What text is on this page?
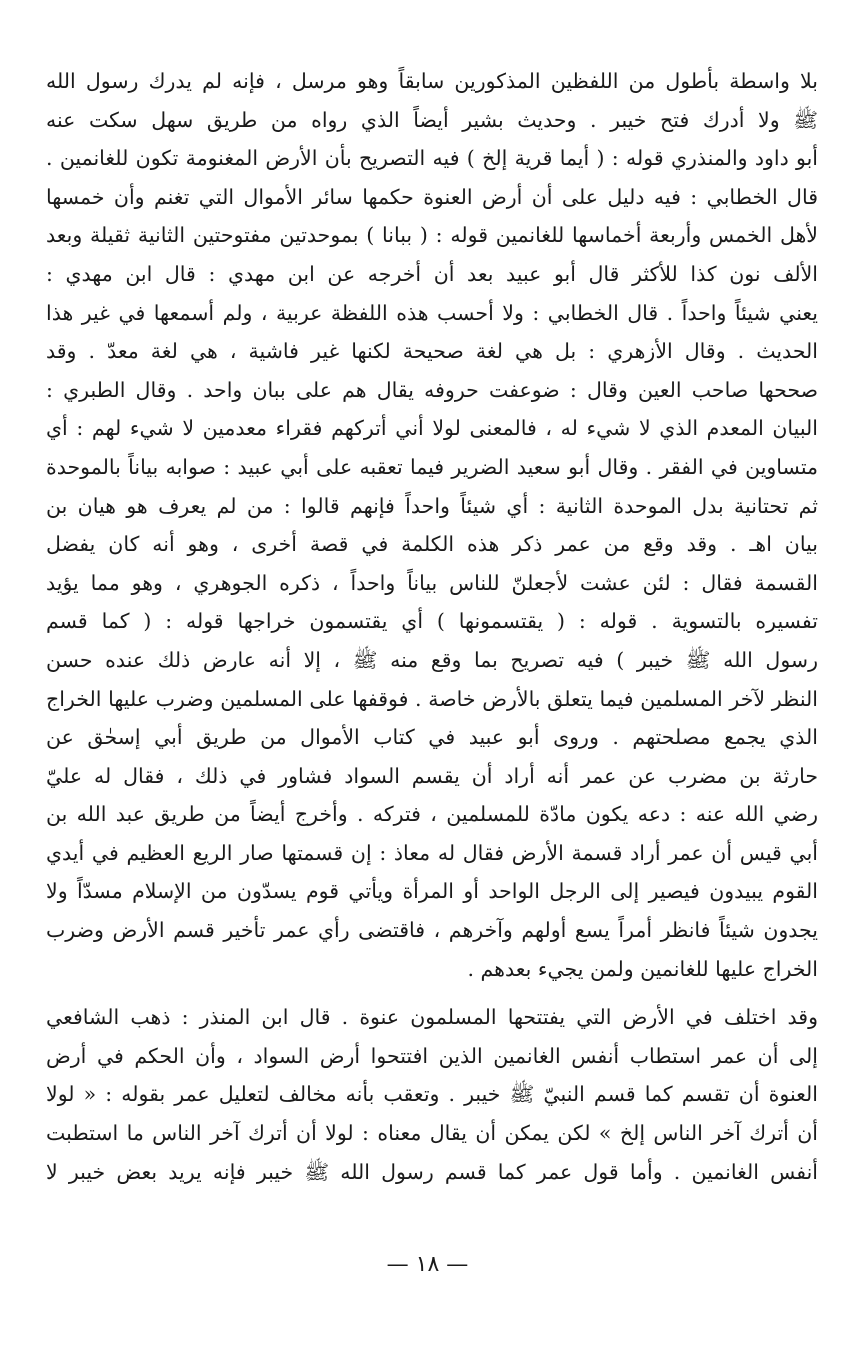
بلا واسطة بأطول من اللفظين المذكورين سابقاً وهو مرسل ، فإنه لم يدرك رسول الله
ﷺ ولا أدرك فتح خيبر . وحديث بشير أيضاً الذي رواه من طريق سهل سكت عنه
أبو داود والمنذري قوله : ( أيما قرية إلخ ) فيه التصريح بأن الأرض المغنومة تكون للغانمين .
قال الخطابي : فيه دليل على أن أرض العنوة حكمها سائر الأموال التي تغنم وأن خمسها
لأهل الخمس وأربعة أخماسها للغانمين قوله : ( ببانا ) بموحدتين مفتوحتين الثانية ثقيلة وبعد
الألف نون كذا للأكثر قال أبو عبيد بعد أن أخرجه عن ابن مهدي : قال ابن مهدي :
يعني شيئاً واحداً . قال الخطابي : ولا أحسب هذه اللفظة عربية ، ولم أسمعها في غير هذا
الحديث . وقال الأزهري : بل هي لغة صحيحة لكنها غير فاشية ، هي لغة معدّ . وقد
صححها صاحب العين وقال : ضوعفت حروفه يقال هم على ببان واحد . وقال الطبري :
البيان المعدم الذي لا شيء له ، فالمعنى لولا أني أتركهم فقراء معدمين لا شيء لهم : أي
متساوين في الفقر . وقال أبو سعيد الضرير فيما تعقبه على أبي عبيد : صوابه بياناً بالموحدة
ثم تحتانية بدل الموحدة الثانية : أي شيئاً واحداً فإنهم قالوا : من لم يعرف هو هيان بن
بيان اهـ . وقد وقع من عمر ذكر هذه الكلمة في قصة أخرى ، وهو أنه كان يفضل
القسمة فقال : لئن عشت لأجعلنّ للناس بياناً واحداً ، ذكره الجوهري ، وهو مما يؤيد
تفسيره بالتسوية . قوله : ( يقتسمونها ) أي يقتسمون خراجها قوله : ( كما قسم
رسول الله ﷺ خيبر ) فيه تصريح بما وقع منه ﷺ ، إلا أنه عارض ذلك عنده حسن
النظر لآخر المسلمين فيما يتعلق بالأرض خاصة . فوقفها على المسلمين وضرب عليها الخراج
الذي يجمع مصلحتهم . وروى أبو عبيد في كتاب الأموال من طريق أبي إسحٰق عن
حارثة بن مضرب عن عمر أنه أراد أن يقسم السواد فشاور في ذلك ، فقال له عليّ
رضي الله عنه : دعه يكون مادّة للمسلمين ، فتركه . وأخرج أيضاً من طريق عبد الله بن
أبي قيس أن عمر أراد قسمة الأرض فقال له معاذ : إن قسمتها صار الريع العظيم في أيدي
القوم يبيدون فيصير إلى الرجل الواحد أو المرأة ويأتي قوم يسدّون من الإسلام مسدّاً ولا
يجدون شيئاً فانظر أمراً يسع أولهم وآخرهم ، فاقتضى رأي عمر تأخير قسم الأرض وضرب
الخراج عليها للغانمين ولمن يجيء بعدهم .
وقد اختلف في الأرض التي يفتتحها المسلمون عنوة . قال ابن المنذر : ذهب الشافعي
إلى أن عمر استطاب أنفس الغانمين الذين افتتحوا أرض السواد ، وأن الحكم في أرض
العنوة أن تقسم كما قسم النبيّ ﷺ خيبر . وتعقب بأنه مخالف لتعليل عمر بقوله : « لولا
أن أترك آخر الناس إلخ » لكن يمكن أن يقال معناه : لولا أن أترك آخر الناس ما استطبت
أنفس الغانمين . وأما قول عمر كما قسم رسول الله ﷺ خيبر فإنه يريد بعض خيبر لا
— ١٨ —
